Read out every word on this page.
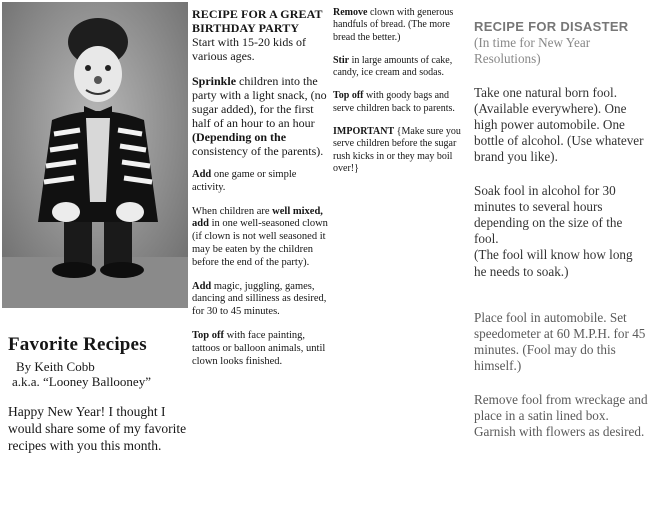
Favorite Recipes
By Keith Cobb
a.k.a. “Looney Ballooney”

Happy New Year! I thought I would share some of my favorite recipes with you this month.

RECIPE FOR A GREAT
BIRTHDAY PARTY
Start with 15-20 kids of various ages.

Sprinkle children into the party with a light snack, (no sugar added), for the first half of an hour to an hour (Depending on the consistency of the parents).

Add one game or simple activity.

When children are well mixed, add in one well-seasoned clown (if clown is not well seasoned it may be eaten by the children before the end of the party).

Add magic, juggling, games, dancing and silliness as desired, for 30 to 45 minutes.

Top off with face painting, tattoos or balloon animals, until clown looks finished.

Remove clown with generous handfuls of bread. (The more bread the better.)

Stir in large amounts of cake, candy, ice cream and sodas.

Top off with goody bags and serve children back to parents.

IMPORTANT {Make sure you serve children before the sugar rush kicks in or they may boil over!}

RECIPE FOR DISASTER
(In time for New Year Resolutions)

Take one natural born fool. (Available everywhere). One high power automobile. One bottle of alcohol. (Use whatever brand you like).

Soak fool in alcohol for 30 minutes to several hours depending on the size of the fool.

(The fool will know how long he needs to soak.)

Place fool in automobile. Set speedometer at 60 M.P.H. for 45 minutes. (Fool may do this himself.)

Remove fool from wreckage and place in a satin lined box. Garnish with flowers as desired.
